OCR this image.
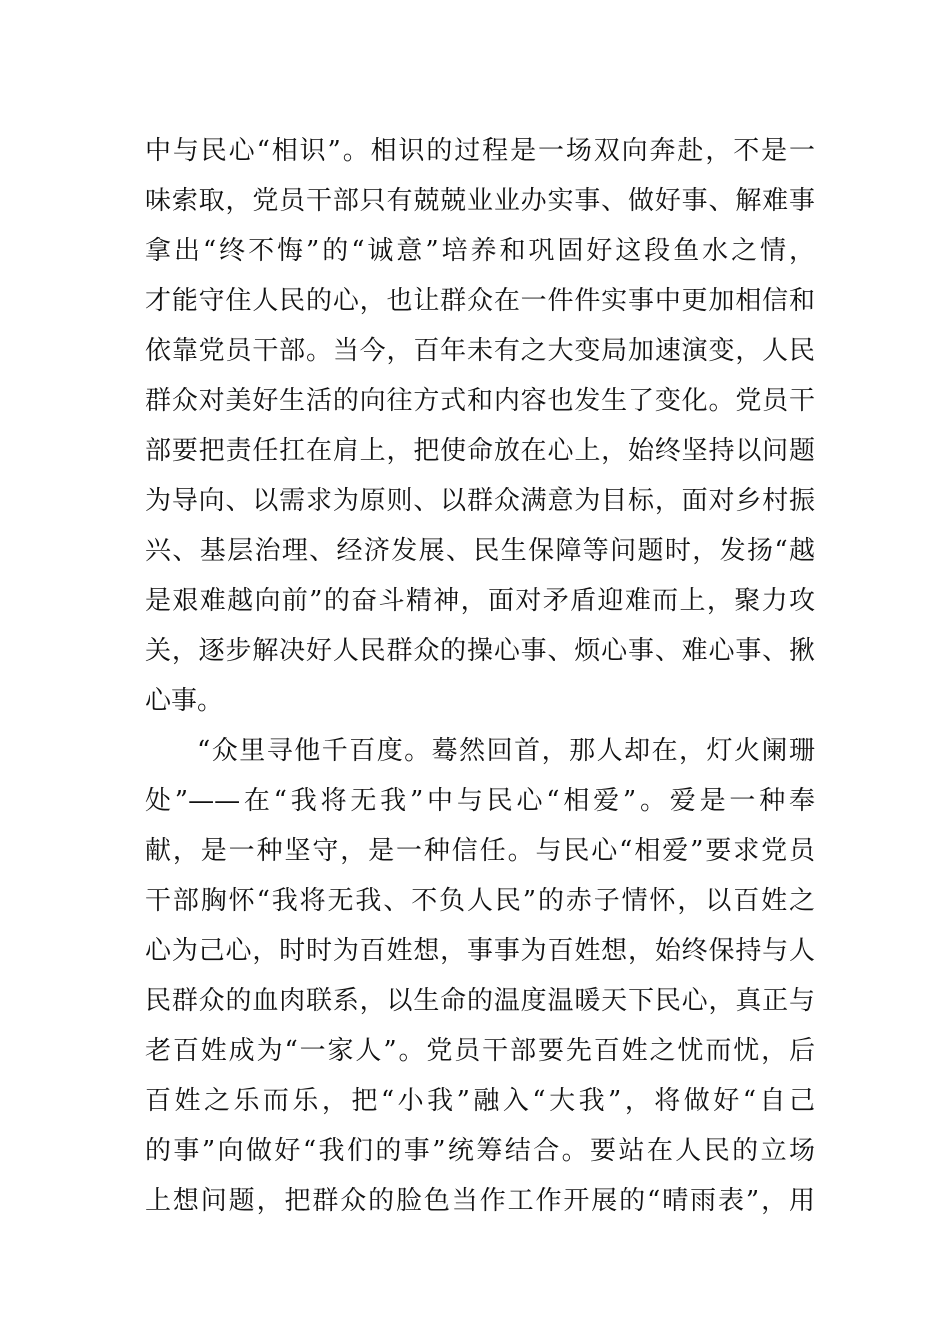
中与民心“相识”。相识的过程是一场双向奔赴，不是一
味索取，党员干部只有兢兢业业办实事、做好事、解难事
拿出“终不悔”的“诚意”培养和巩固好这段鱼水之情，
才能守住人民的心，也让群众在一件件实事中更加相信和
依靠党员干部。当今，百年未有之大变局加速演变，人民
群众对美好生活的向往方式和内容也发生了变化。党员干
部要把责任扛在肩上，把使命放在心上，始终坚持以问题
为导向、以需求为原则、以群众满意为目标，面对乡村振
兴、基层治理、经济发展、民生保障等问题时，发扬“越
是艰难越向前”的奋斗精神，面对矛盾迎难而上，聚力攻
关，逐步解决好人民群众的操心事、烦心事、难心事、揪
心事。
“众里寻他千百度。蓦然回首，那人却在，灯火阑珊
处”——在“我将无我”中与民心“相爱”。爱是一种奉
献，是一种坚守，是一种信任。与民心“相爱”要求党员
干部胸怀“我将无我、不负人民”的赤子情怀，以百姓之
心为己心，时时为百姓想，事事为百姓想，始终保持与人
民群众的血肉联系，以生命的温度温暖天下民心，真正与
老百姓成为“一家人”。党员干部要先百姓之忧而忧，后
百姓之乐而乐，把“小我”融入“大我”，将做好“自己
的事”向做好“我们的事”统筹结合。要站在人民的立场
上想问题，把群众的脸色当作工作开展的“晴雨表”，用
